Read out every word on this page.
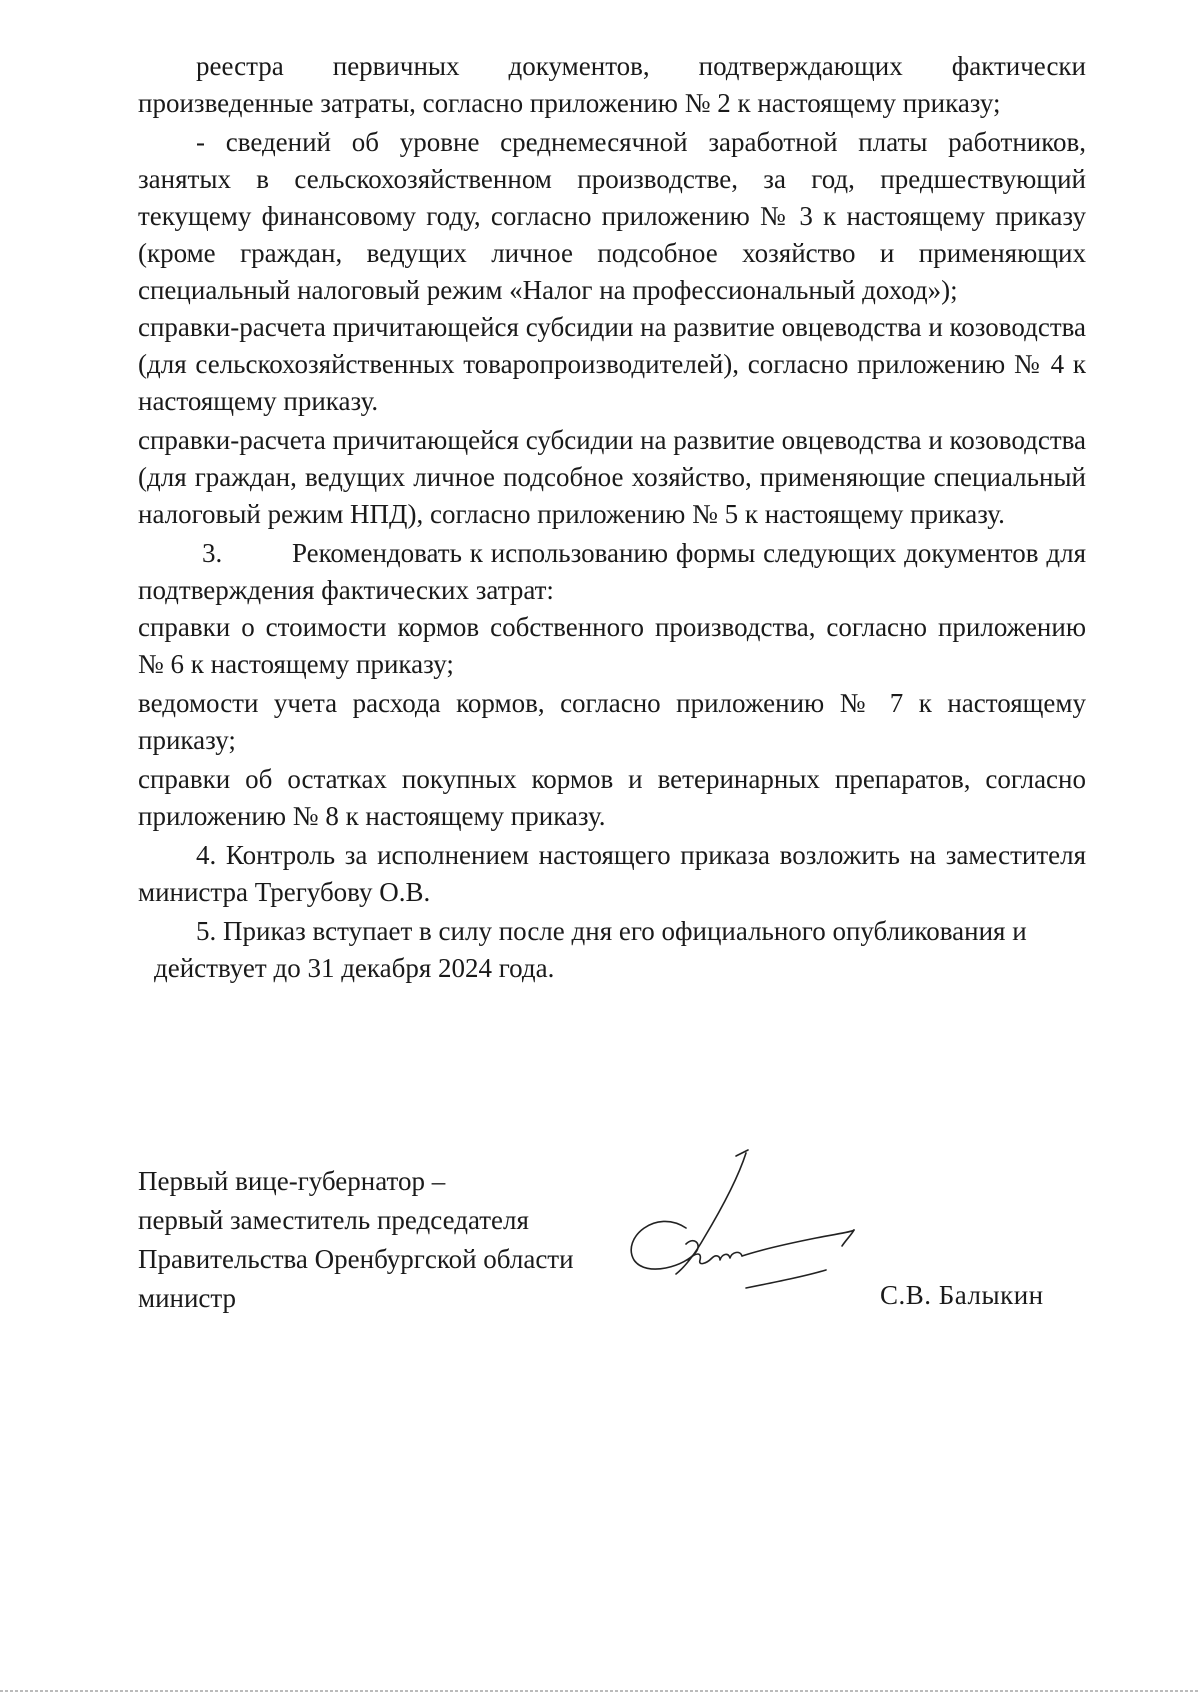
реестра первичных документов, подтверждающих фактически произведенные затраты, согласно приложению № 2 к настоящему приказу;

- сведений об уровне среднемесячной заработной платы работников, занятых в сельскохозяйственном производстве, за год, предшествующий текущему финансовому году, согласно приложению № 3 к настоящему приказу (кроме граждан, ведущих личное подсобное хозяйство и применяющих специальный налоговый режим «Налог на профессиональный доход»);

справки-расчета причитающейся субсидии на развитие овцеводства и козоводства (для сельскохозяйственных товаропроизводителей), согласно приложению № 4 к настоящему приказу.

справки-расчета причитающейся субсидии на развитие овцеводства и козоводства (для граждан, ведущих личное подсобное хозяйство, применяющие специальный налоговый режим НПД), согласно приложению № 5 к настоящему приказу.

3.	Рекомендовать к использованию формы следующих документов для подтверждения фактических затрат:

справки о стоимости кормов собственного производства, согласно приложению № 6 к настоящему приказу;

ведомости учета расхода кормов, согласно приложению № 7 к настоящему приказу;

справки об остатках покупных кормов и ветеринарных препаратов, согласно приложению № 8 к настоящему приказу.

4. Контроль за исполнением настоящего приказа возложить на заместителя министра Трегубову О.В.

5. Приказ вступает в силу после дня его официального опубликования и

действует до 31 декабря 2024 года.

Первый вице-губернатор –
первый заместитель председателя
Правительства Оренбургской области
министр	С.В. Балыкин
